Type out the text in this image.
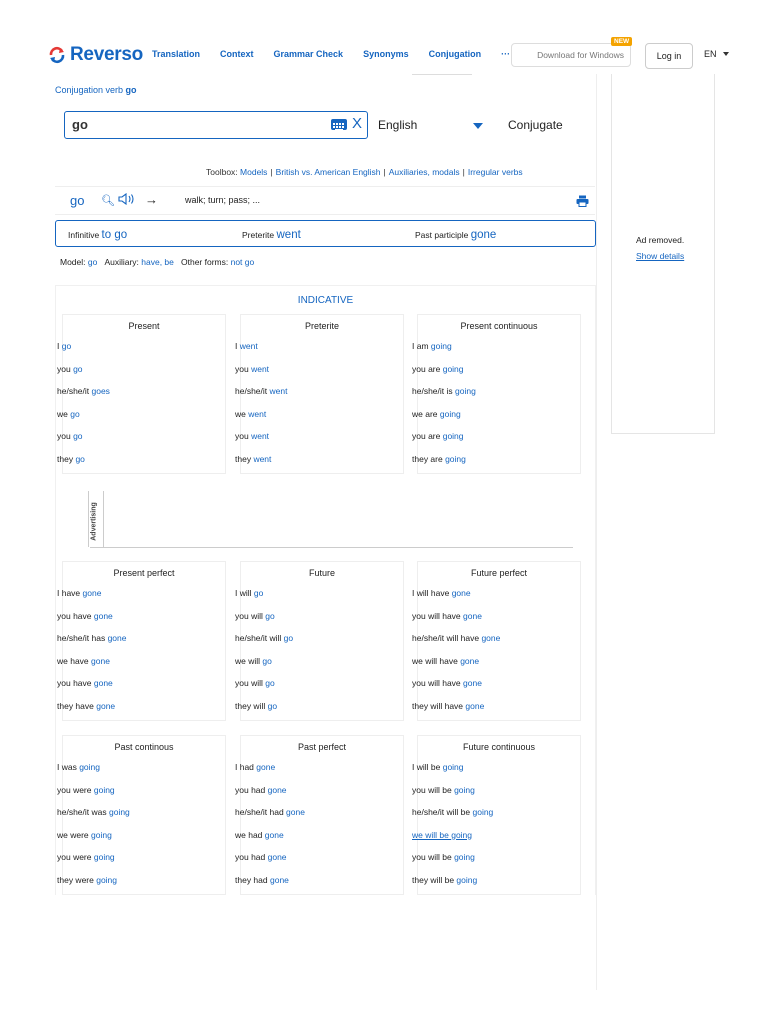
Reverso Translation Context Grammar Check Synonyms Conjugation ···	Download for Windows
NEW
Log in	EN
Ad removed.
Show details
Conjugation verb go
go	X English	Conjugate
Toolbox: Models | British vs. American English | Auxiliaries, modals | Irregular verbs
go 🔍︎ →	walk; turn; pass; ...
Infinitive to go	Preterite went	Past participle gone
Model: go Auxiliary: have, be Other forms: not go
INDICATIVE
Present
I go
you go
he/she/it goes
we go
you go
they go
Preterite
I went
you went
he/she/it went
we went
you went
they went
Present continuous
I am going
you are going
he/she/it is going
we are going
you are going
they are going
Present perfect
I have gone
you have gone
he/she/it has gone
we have gone
you have gone
they have gone
Future
I will go
you will go
he/she/it will go
we will go
you will go
they will go
Future perfect
I will have gone
you will have gone
he/she/it will have gone
we will have gone
you will have gone
they will have gone
Past continous
I was going
you were going
he/she/it was going
we were going
you were going
they were going
Past perfect
I had gone
you had gone
he/she/it had gone
we had gone
you had gone
they had gone
Future continuous
I will be going
you will be going
he/she/it will be going
we will be going
you will be going
they will be going
Advertising
